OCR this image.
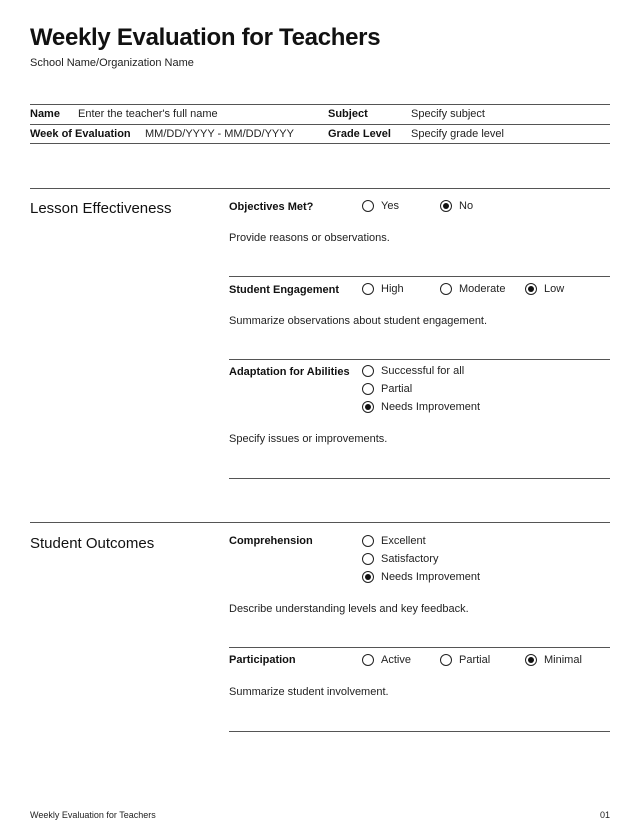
Weekly Evaluation for Teachers
School Name/Organization Name
Name Enter the teacher's full name	Subject	Specify subject
Week of Evaluation MM/DD/YYYY - MM/DD/YYYY	Grade Level Specify grade level
Lesson Effectiveness	Objectives Met?	Yes	No
Provide reasons or observations.
Student Engagement	High	Moderate	Low
Summarize observations about student engagement.
Adaptation for Abilities	Successful for all
Partial
Needs Improvement
Specify issues or improvements.
Student Outcomes	Comprehension	Excellent
Satisfactory
Needs Improvement
Describe understanding levels and key feedback.
Participation	Active	Partial	Minimal
Summarize student involvement.
Weekly Evaluation for Teachers	01
